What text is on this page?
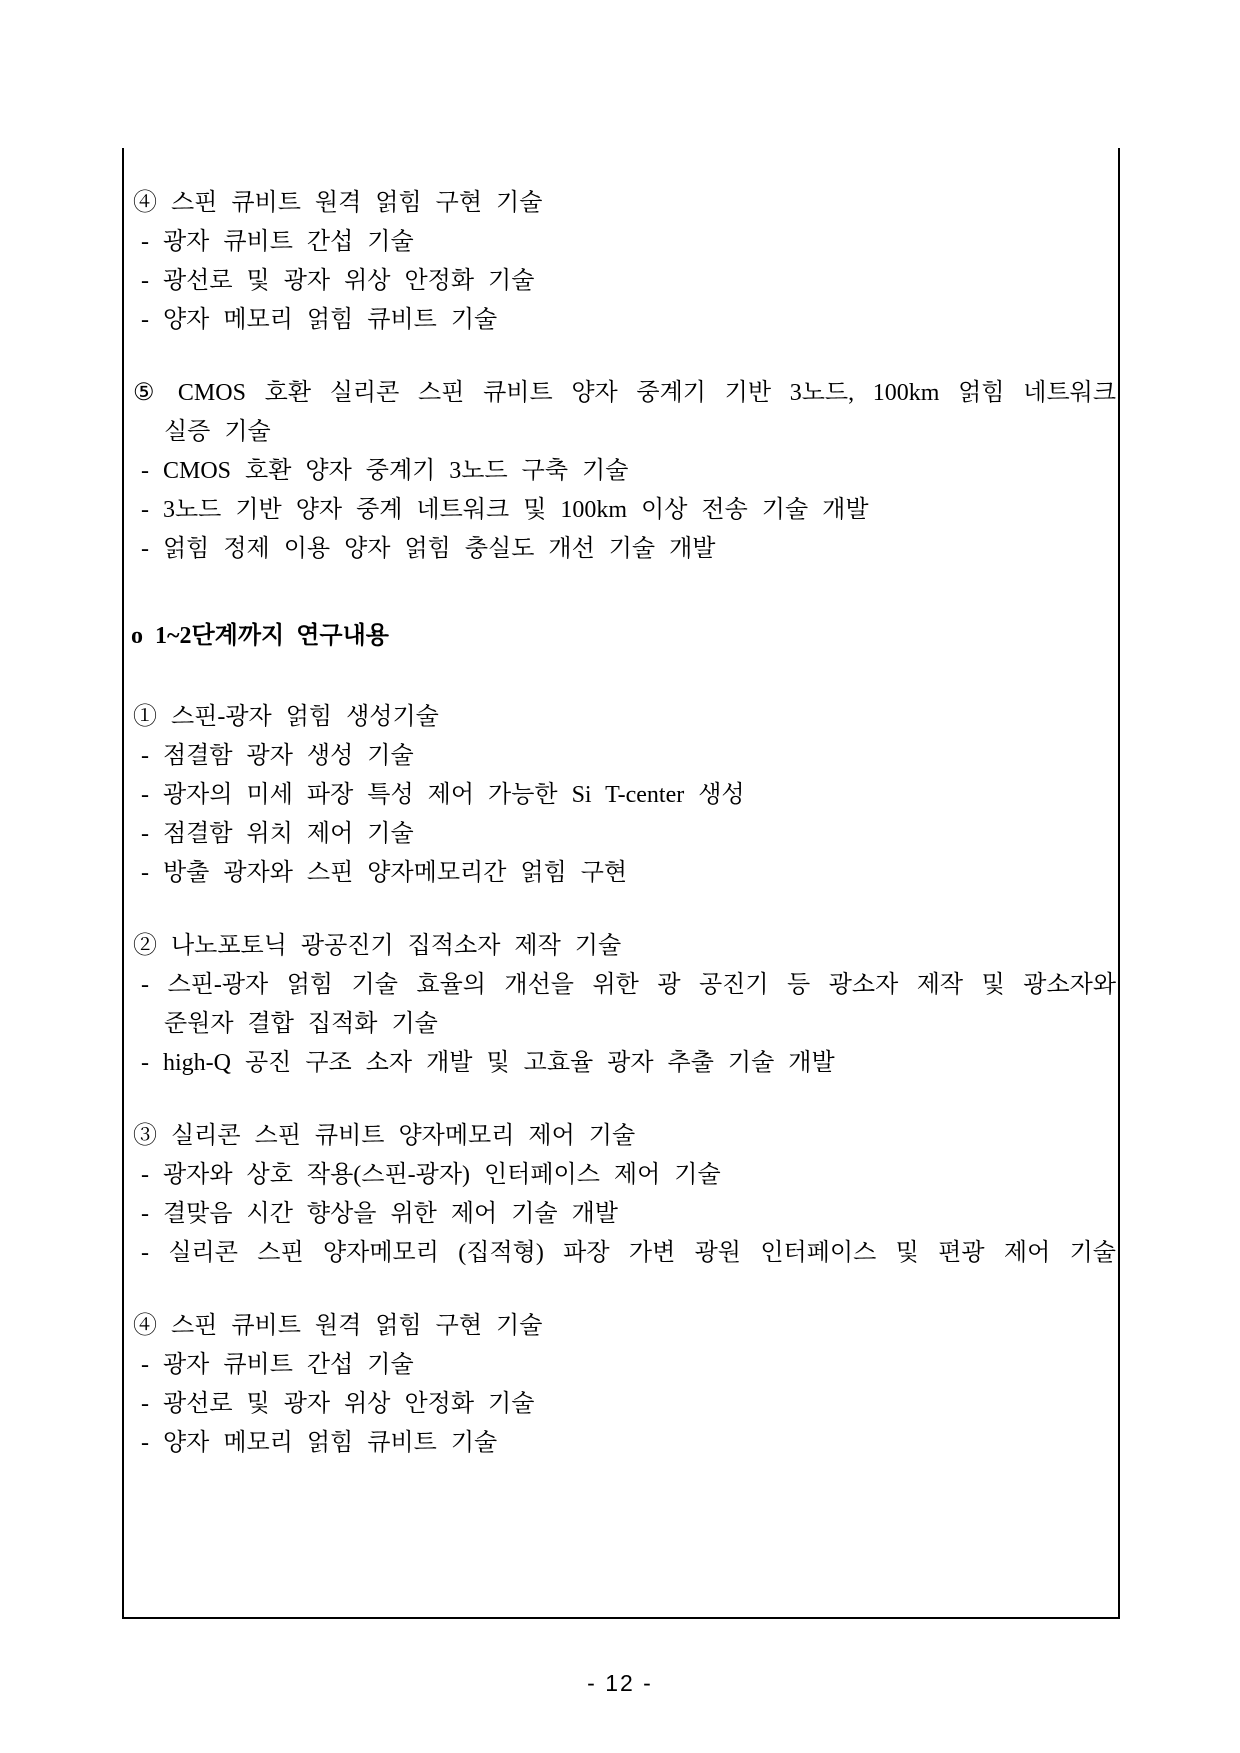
④ 스핀 큐비트 원격 얽힘 구현 기술
- 광자 큐비트 간섭 기술
- 광선로 및 광자 위상 안정화 기술
- 양자 메모리 얽힘 큐비트 기술
⑤ CMOS 호환 실리콘 스핀 큐비트 양자 중계기 기반 3노드, 100km 얽힘 네트워크
실증 기술
- CMOS 호환 양자 중계기 3노드 구축 기술
- 3노드 기반 양자 중계 네트워크 및 100km 이상 전송 기술 개발
- 얽힘 정제 이용 양자 얽힘 충실도 개선 기술 개발
o 1~2단계까지 연구내용
① 스핀-광자 얽힘 생성기술
- 점결함 광자 생성 기술
- 광자의 미세 파장 특성 제어 가능한 Si T-center 생성
- 점결함 위치 제어 기술
- 방출 광자와 스핀 양자메모리간 얽힘 구현
② 나노포토닉 광공진기 집적소자 제작 기술
- 스핀-광자 얽힘 기술 효율의 개선을 위한 광 공진기 등 광소자 제작 및 광소자와
준원자 결합 집적화 기술
- high-Q 공진 구조 소자 개발 및 고효율 광자 추출 기술 개발
③ 실리콘 스핀 큐비트 양자메모리 제어 기술
- 광자와 상호 작용(스핀-광자) 인터페이스 제어 기술
- 결맞음 시간 향상을 위한 제어 기술 개발
- 실리콘 스핀 양자메모리 (집적형) 파장 가변 광원 인터페이스 및 편광 제어 기술
④ 스핀 큐비트 원격 얽힘 구현 기술
- 광자 큐비트 간섭 기술
- 광선로 및 광자 위상 안정화 기술
- 양자 메모리 얽힘 큐비트 기술
- 12 -
